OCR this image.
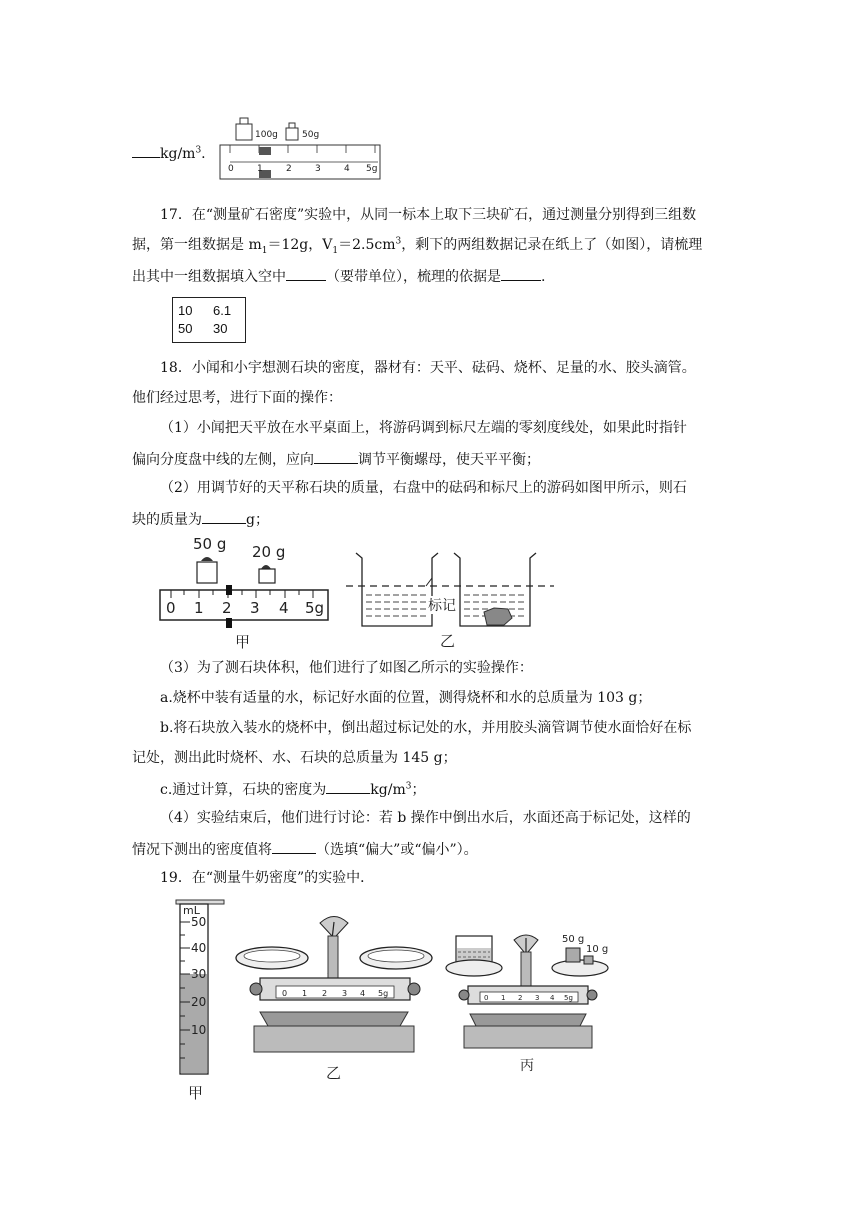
$kg/m^3$.
100g	50g
0	1	2	3	4 5g
17．在“测量矿石密度”实验中，从同一标本上取下三块矿石，通过测量分别得到三组数
据，第一组数据是 $m_1=12g$，$V_1=2.5cm^3$，剩下的两组数据记录在纸上了（如图），请梳理
出其中一组数据填入空中	（要带单位），梳理的依据是	.
10 6.1
50 30
18．小闻和小宇想测石块的密度，器材有：天平、砝码、烧杯、足量的水、胶头滴管。
他们经过思考，进行下面的操作：
（1）小闻把天平放在水平桌面上，将游码调到标尺左端的零刻度线处，如果此时指针
偏向分度盘中线的左侧，应向	调节平衡螺母，使天平平衡；
（2）用调节好的天平称石块的质量，右盘中的砝码和标尺上的游码如图甲所示，则石
块的质量为	g；
50 g 20 g
0 1 2 3 4 5g
甲
标记
乙
（3）为了测石块体积，他们进行了如图乙所示的实验操作：
a.烧杯中装有适量的水，标记好水面的位置，测得烧杯和水的总质量为 103 g；
b.将石块放入装水的烧杯中，倒出超过标记处的水，并用胶头滴管调节使水面恰好在标
记处，测出此时烧杯、水、石块的总质量为 145 g；
c.通过计算，石块的密度为	$kg/m^3$；
（4）实验结束后，他们进行讨论：若 b 操作中倒出水后，水面还高于标记处，这样的
情况下测出的密度值将	（选填“偏大”或“偏小”）。
19．在“测量牛奶密度”的实验中．
mL
50
40
30
20
10
甲
0 1 2 3 4 5g
乙
50 g
10 g
0 1 2 3 4 5g
丙
